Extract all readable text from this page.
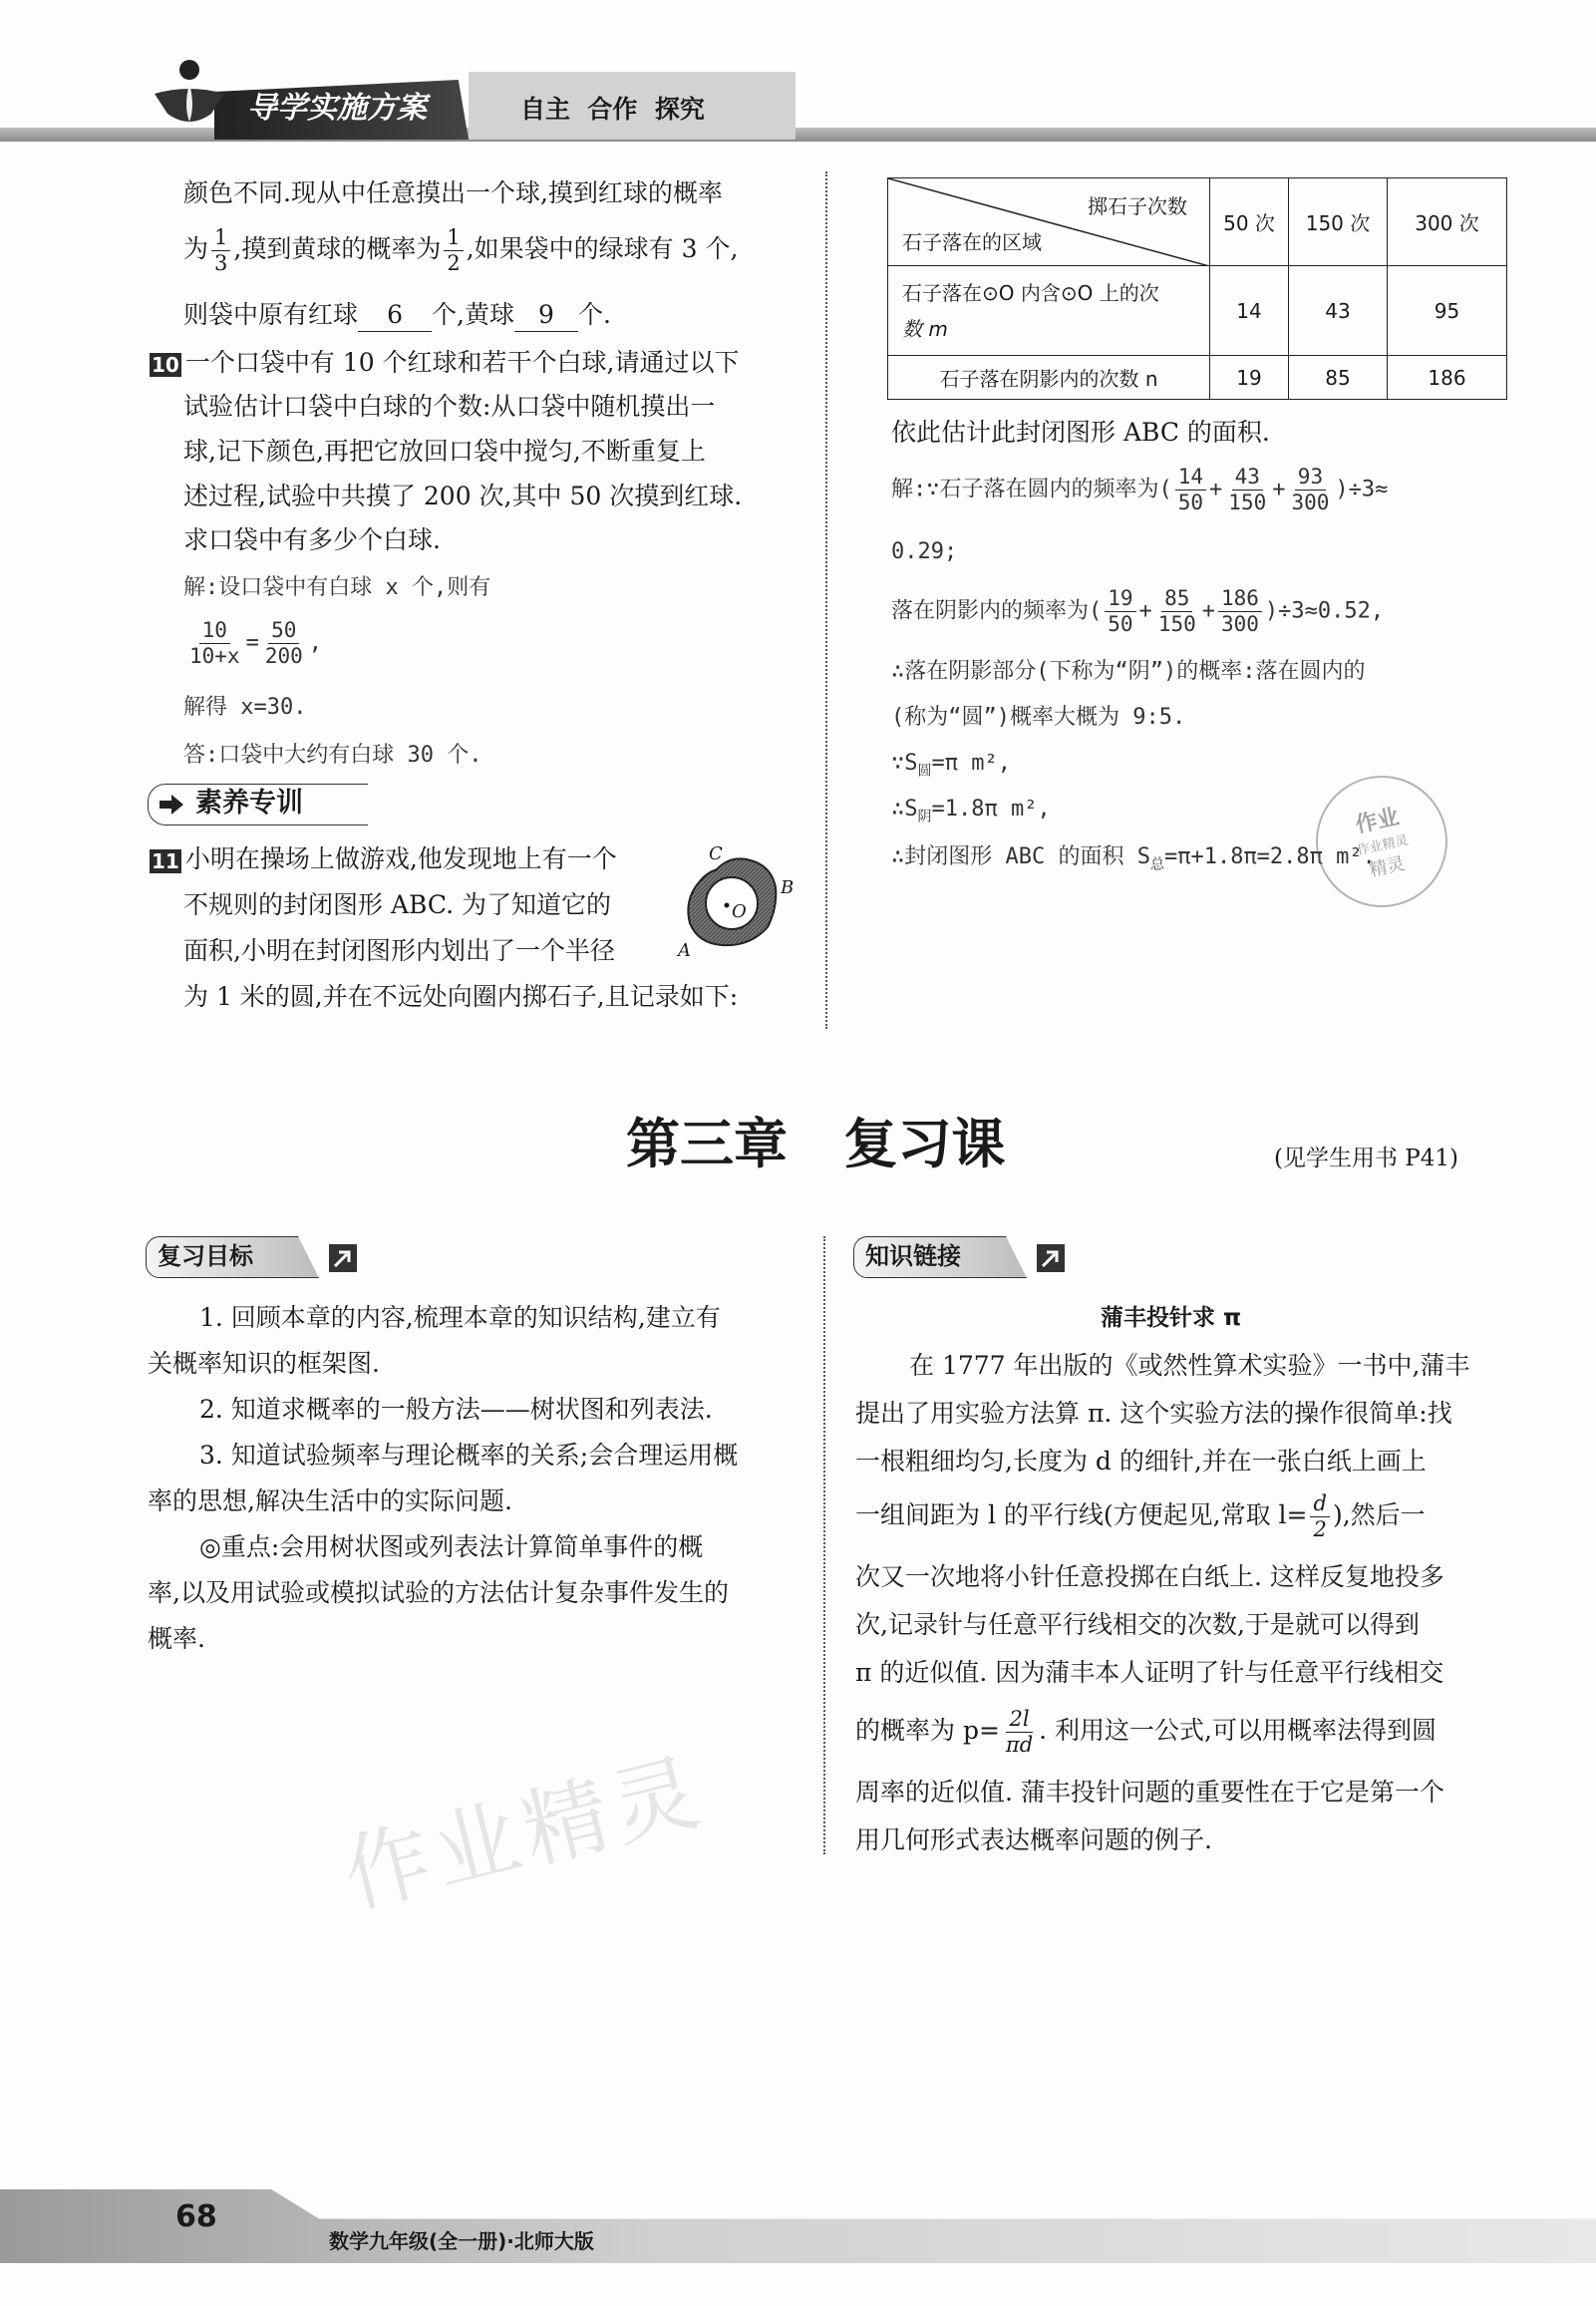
导学实施方案	自主  合作  探究
颜色不同.现从中任意摸出一个球,摸到红球的概率
为 $\frac{1}{3}$ ,摸到黄球的概率为 $\frac{1}{2}$ ,如果袋中的绿球有 3 个,
则袋中原有红球 6 个,黄球 9 个.
10 一个口袋中有 10 个红球和若干个白球,请通过以下
试验估计口袋中白球的个数:从口袋中随机摸出一
球,记下颜色,再把它放回口袋中搅匀,不断重复上
述过程,试验中共摸了 200 次,其中 50 次摸到红球.
求口袋中有多少个白球.
解:设口袋中有白球 x 个,则有
$\frac{10}{10+x} = \frac{50}{200}$ ,
解得 x=30.
答:口袋中大约有白球 30 个.
素养专训
11 小明在操场上做游戏,他发现地上有一个
不规则的封闭图形 ABC. 为了知道它的
面积,小明在封闭图形内划出了一个半径
为 1 米的圆,并在不远处向圈内掷石子,且记录如下:
C
B
A
O
掷石子次数
石子落在的区域	50 次	150 次	300 次

石子落在⊙O 内含⊙O 上的次
数 m	14	43	95
石子落在阴影内的次数 n	19	85	186
依此估计此封闭图形 ABC 的面积.
解:∵石子落在圆内的频率为( $\frac{14}{50} + \frac{43}{150} + \frac{93}{300} )\div 3\approx$
0.29;
落在阴影内的频率为( $\frac{19}{50} + \frac{85}{150} + \frac{186}{300} )\div 3\approx 0.52$,
∴落在阴影部分(下称为“阴”)的概率:落在圆内的
(称为“圆”)概率大概为 9:5.
$\because S_圆=\pi$ m²,
$\therefore S_阴=1.8\pi$ m²,
∴封闭图形 ABC 的面积 $S_总=\pi+1.8\pi=2.8\pi$ m².
作业
作业精灵
精灵
第三章   复习课	(见学生用书 P41)
复习目标
1. 回顾本章的内容,梳理本章的知识结构,建立有
关概率知识的框架图.
2. 知道求概率的一般方法——树状图和列表法.
3. 知道试验频率与理论概率的关系;会合理运用概
率的思想,解决生活中的实际问题.
◎重点:会用树状图或列表法计算简单事件的概
率,以及用试验或模拟试验的方法估计复杂事件发生的
概率.
知识链接
蒲丰投针求 π
在 1777 年出版的《或然性算术实验》一书中,蒲丰
提出了用实验方法算 π. 这个实验方法的操作很简单:找
一根粗细均匀,长度为 d 的细针,并在一张白纸上画上
一组间距为 l 的平行线(方便起见,常取 $l= \frac{d}{2}$ ),然后一
次又一次地将小针任意投掷在白纸上. 这样反复地投多
次,记录针与任意平行线相交的次数,于是就可以得到
π 的近似值. 因为蒲丰本人证明了针与任意平行线相交
的概率为 $p= \frac{2l}{\pi d}$ . 利用这一公式,可以用概率法得到圆
周率的近似值. 蒲丰投针问题的重要性在于它是第一个
用几何形式表达概率问题的例子.
作业精灵
68
数学九年级(全一册)·北师大版
